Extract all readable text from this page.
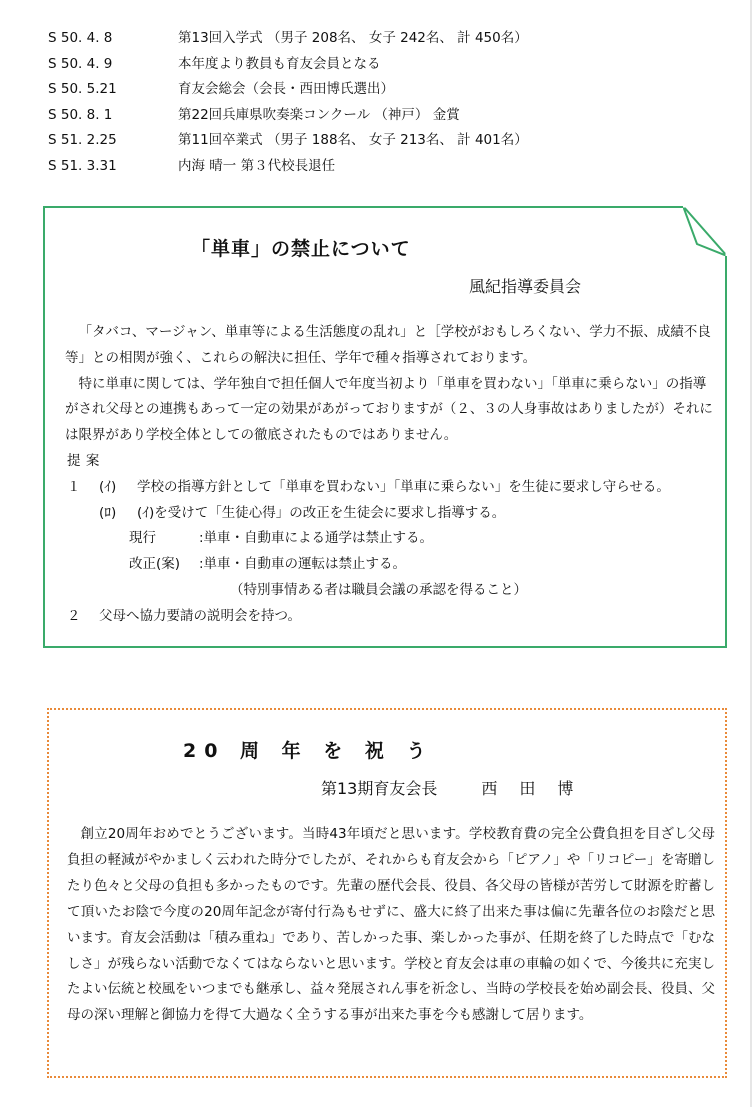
S 50. 4. 8	第13回入学式 （男子 208名、 女子 242名、 計 450名）
S 50. 4. 9	本年度より教員も育友会員となる
S 50. 5.21	育友会総会（会長・西田博氏選出）
S 50. 8. 1	第22回兵庫県吹奏楽コンクール （神戸） 金賞
S 51. 2.25	第11回卒業式 （男子 188名、 女子 213名、 計 401名）
S 51. 3.31	内海 晴一 第３代校長退任
「単車」の禁止について
風紀指導委員会

「タバコ、マージャン、単車等による生活態度の乱れ」と［学校がおもしろくない、学力不振、成績不良等」との相関が強く、これらの解決に担任、学年で種々指導されております。

特に単車に関しては、学年独自で担任個人で年度当初より「単車を買わない」「単車に乗らない」の指導がされ父母との連携もあって一定の効果があがっておりますが（２、３の人身事故はありましたが）それには限界があり学校全体としての徹底されたものではありません。

提案

１ (ｲ) 学校の指導方針として「単車を買わない」「単車に乗らない」を生徒に要求し守らせる。
(ﾛ) (ｲ)を受けて「生徒心得」の改正を生徒会に要求し指導する。
現行	:単車・自動車による通学は禁止する。
改正(案) :単車・自動車の運転は禁止する。
（特別事情ある者は職員会議の承認を得ること）
２ 父母へ協力要請の説明会を持つ。
20 周 年 を 祝 う
第13期育友会長	西田博
創立20周年おめでとうございます。当時43年頃だと思います。学校教育費の完全公費負担を目ざし父母負担の軽減がやかましく云われた時分でしたが、それからも育友会から「ピアノ」や「リコピー」を寄贈したり色々と父母の負担も多かったものです。先輩の歴代会長、役員、各父母の皆様が苦労して財源を貯蓄して頂いたお陰で今度の20周年記念が寄付行為もせずに、盛大に終了出来た事は偏に先輩各位のお陰だと思います。育友会活動は「積み重ね」であり、苦しかった事、楽しかった事が、任期を終了した時点で「むなしさ」が残らない活動でなくてはならないと思います。学校と育友会は車の車輪の如くで、今後共に充実したよい伝統と校風をいつまでも継承し、益々発展されん事を祈念し、当時の学校長を始め副会長、役員、父母の深い理解と御協力を得て大過なく全うする事が出来た事を今も感謝して居ります。
